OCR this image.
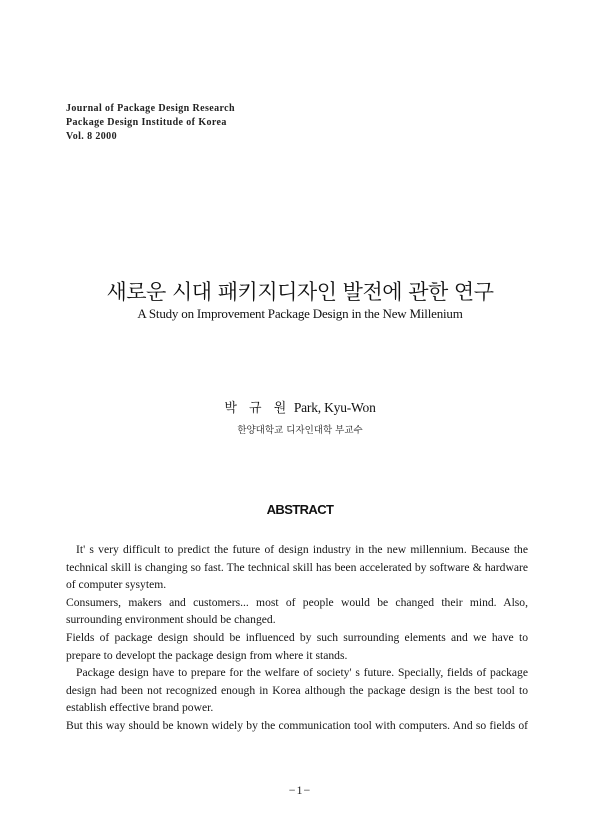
Journal of Package Design Research
Package Design Institude of Korea
Vol. 8 2000
새로운 시대 패키지디자인 발전에 관한 연구
A Study on Improvement Package Design in the New Millenium
박 규 원 Park, Kyu-Won
한양대학교 디자인대학 부교수
ABSTRACT
It' s very difficult to predict the future of design industry in the new millennium. Because the
technical skill is changing so fast. The technical skill has been accelerated by software & hardware
of computer sysytem.
Consumers, makers and customers... most of people would be changed their mind. Also,
surrounding environment should be changed.
Fields of package design should be influenced by such surrounding elements and we have to
prepare to developt the package design from where it stands.
Package design have to prepare for the welfare of society' s future. Specially, fields of package
design had been not recognized enough in Korea although the package design is the best tool to
establish effective brand power.
But this way should be known widely by the communication tool with computers. And so fields of
−1−
